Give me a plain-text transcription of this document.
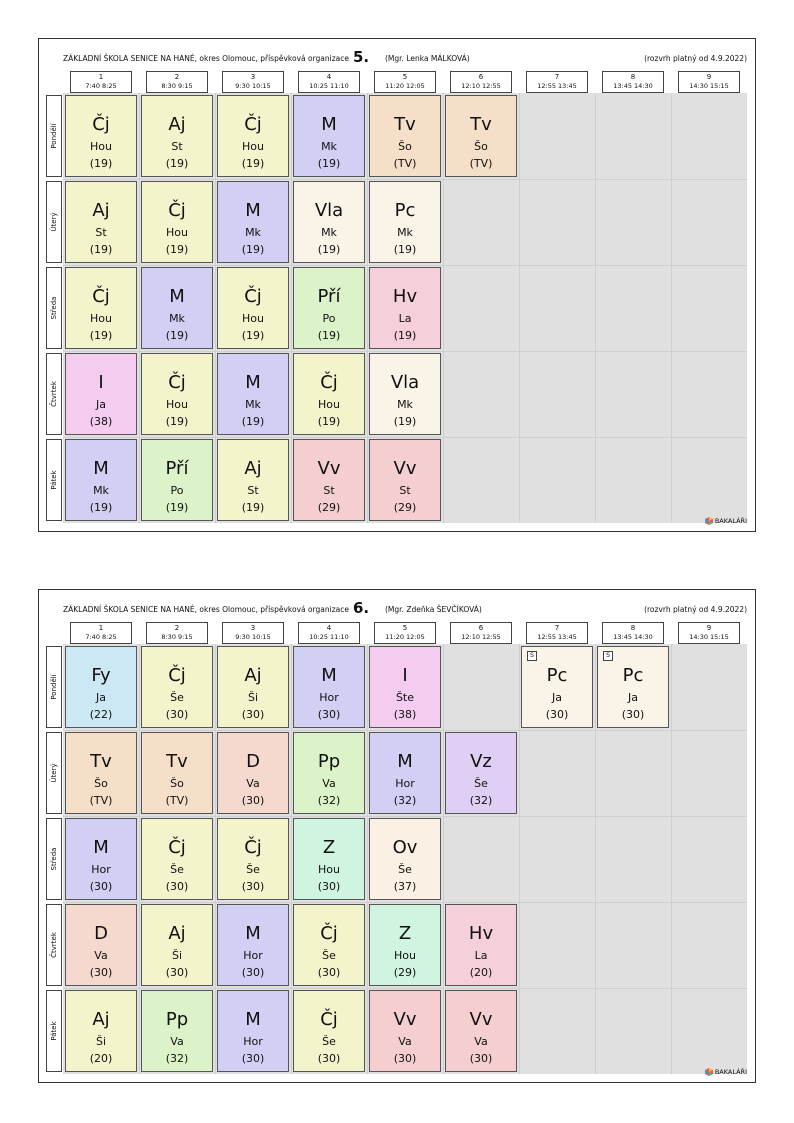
ZÁKLADNÍ ŠKOLA SENICE NA HANÉ, okres Olomouc, příspěvková organizace 5. (Mgr. Lenka MÁLKOVÁ)	(rozvrh platný od 4.9.2022)
1
7:40 8:25
2
8:30 9:15
3
9:30 10:15
4
10:25 11:10
5
11:20 12:05
6
12:10 12:55
7
12:55 13:45
8
13:45 14:30
9
14:30 15:15
Pondělí
Úterý
Středa
Čtvrtek
Pátek
Čj
Hou
(19)
Aj
St
(19)
Čj
Hou
(19)
M
Mk
(19)
Tv
Šo
(TV)
Tv
Šo
(TV)
Aj
St
(19)
Čj
Hou
(19)
M
Mk
(19)
Vla
Mk
(19)
Pc
Mk
(19)
Čj
Hou
(19)
M
Mk
(19)
Čj
Hou
(19)
Pří
Po
(19)
Hv
La
(19)
I
Ja
(38)
Čj
Hou
(19)
M
Mk
(19)
Čj
Hou
(19)
Vla
Mk
(19)
M
Mk
(19)
Pří
Po
(19)
Aj
St
(19)
Vv
St
(29)
Vv
St
(29)
BAKALÁŘI
ZÁKLADNÍ ŠKOLA SENICE NA HANÉ, okres Olomouc, příspěvková organizace 6. (Mgr. Zdeňka ŠEVČÍKOVÁ)	(rozvrh platný od 4.9.2022)
1
7:40 8:25
2
8:30 9:15
3
9:30 10:15
4
10:25 11:10
5
11:20 12:05
6
12:10 12:55
7
12:55 13:45
8
13:45 14:30
9
14:30 15:15
Pondělí
Úterý
Středa
Čtvrtek
Pátek
Fy
Ja
(22)
Čj
Še
(30)
Aj
Ši
(30)
M
Hor
(30)
I
Šte
(38)
S
Pc
Ja
(30)
S
Pc
Ja
(30)
Tv
Šo
(TV)
Tv
Šo
(TV)
D
Va
(30)
Pp
Va
(32)
M
Hor
(32)
Vz
Še
(32)
M
Hor
(30)
Čj
Še
(30)
Čj
Še
(30)
Z
Hou
(30)
Ov
Še
(37)
D
Va
(30)
Aj
Ši
(30)
M
Hor
(30)
Čj
Še
(30)
Z
Hou
(29)
Hv
La
(20)
Aj
Ši
(20)
Pp
Va
(32)
M
Hor
(30)
Čj
Še
(30)
Vv
Va
(30)
Vv
Va
(30)
BAKALÁŘI
